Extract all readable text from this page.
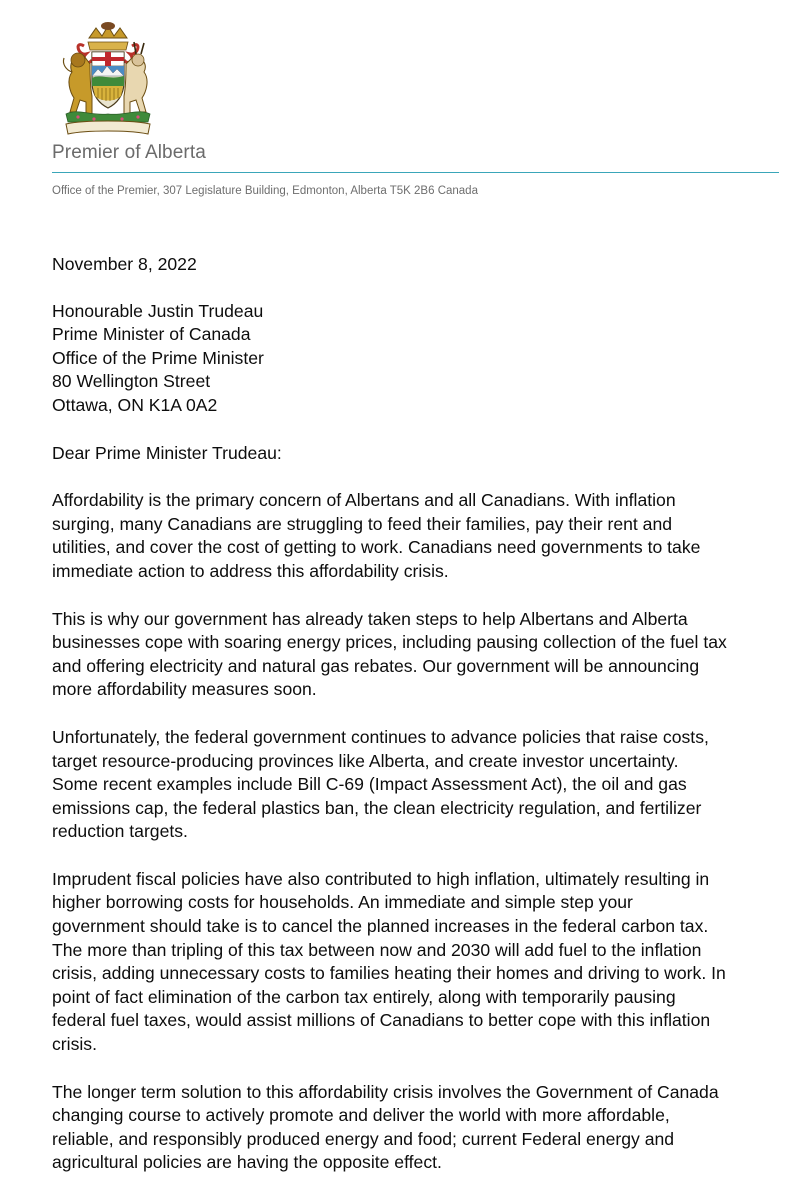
Premier of Alberta
Office of the Premier, 307 Legislature Building, Edmonton, Alberta T5K 2B6 Canada

November 8, 2022

Honourable Justin Trudeau
Prime Minister of Canada
Office of the Prime Minister
80 Wellington Street
Ottawa, ON K1A 0A2

Dear Prime Minister Trudeau:

Affordability is the primary concern of Albertans and all Canadians. With inflation
surging, many Canadians are struggling to feed their families, pay their rent and
utilities, and cover the cost of getting to work. Canadians need governments to take
immediate action to address this affordability crisis.

This is why our government has already taken steps to help Albertans and Alberta
businesses cope with soaring energy prices, including pausing collection of the fuel tax
and offering electricity and natural gas rebates. Our government will be announcing
more affordability measures soon.

Unfortunately, the federal government continues to advance policies that raise costs,
target resource-producing provinces like Alberta, and create investor uncertainty.
Some recent examples include Bill C-69 (Impact Assessment Act), the oil and gas
emissions cap, the federal plastics ban, the clean electricity regulation, and fertilizer
reduction targets.

Imprudent fiscal policies have also contributed to high inflation, ultimately resulting in
higher borrowing costs for households. An immediate and simple step your
government should take is to cancel the planned increases in the federal carbon tax.
The more than tripling of this tax between now and 2030 will add fuel to the inflation
crisis, adding unnecessary costs to families heating their homes and driving to work. In
point of fact elimination of the carbon tax entirely, along with temporarily pausing
federal fuel taxes, would assist millions of Canadians to better cope with this inflation
crisis.

The longer term solution to this affordability crisis involves the Government of Canada
changing course to actively promote and deliver the world with more affordable,
reliable, and responsibly produced energy and food; current Federal energy and
agricultural policies are having the opposite effect.
